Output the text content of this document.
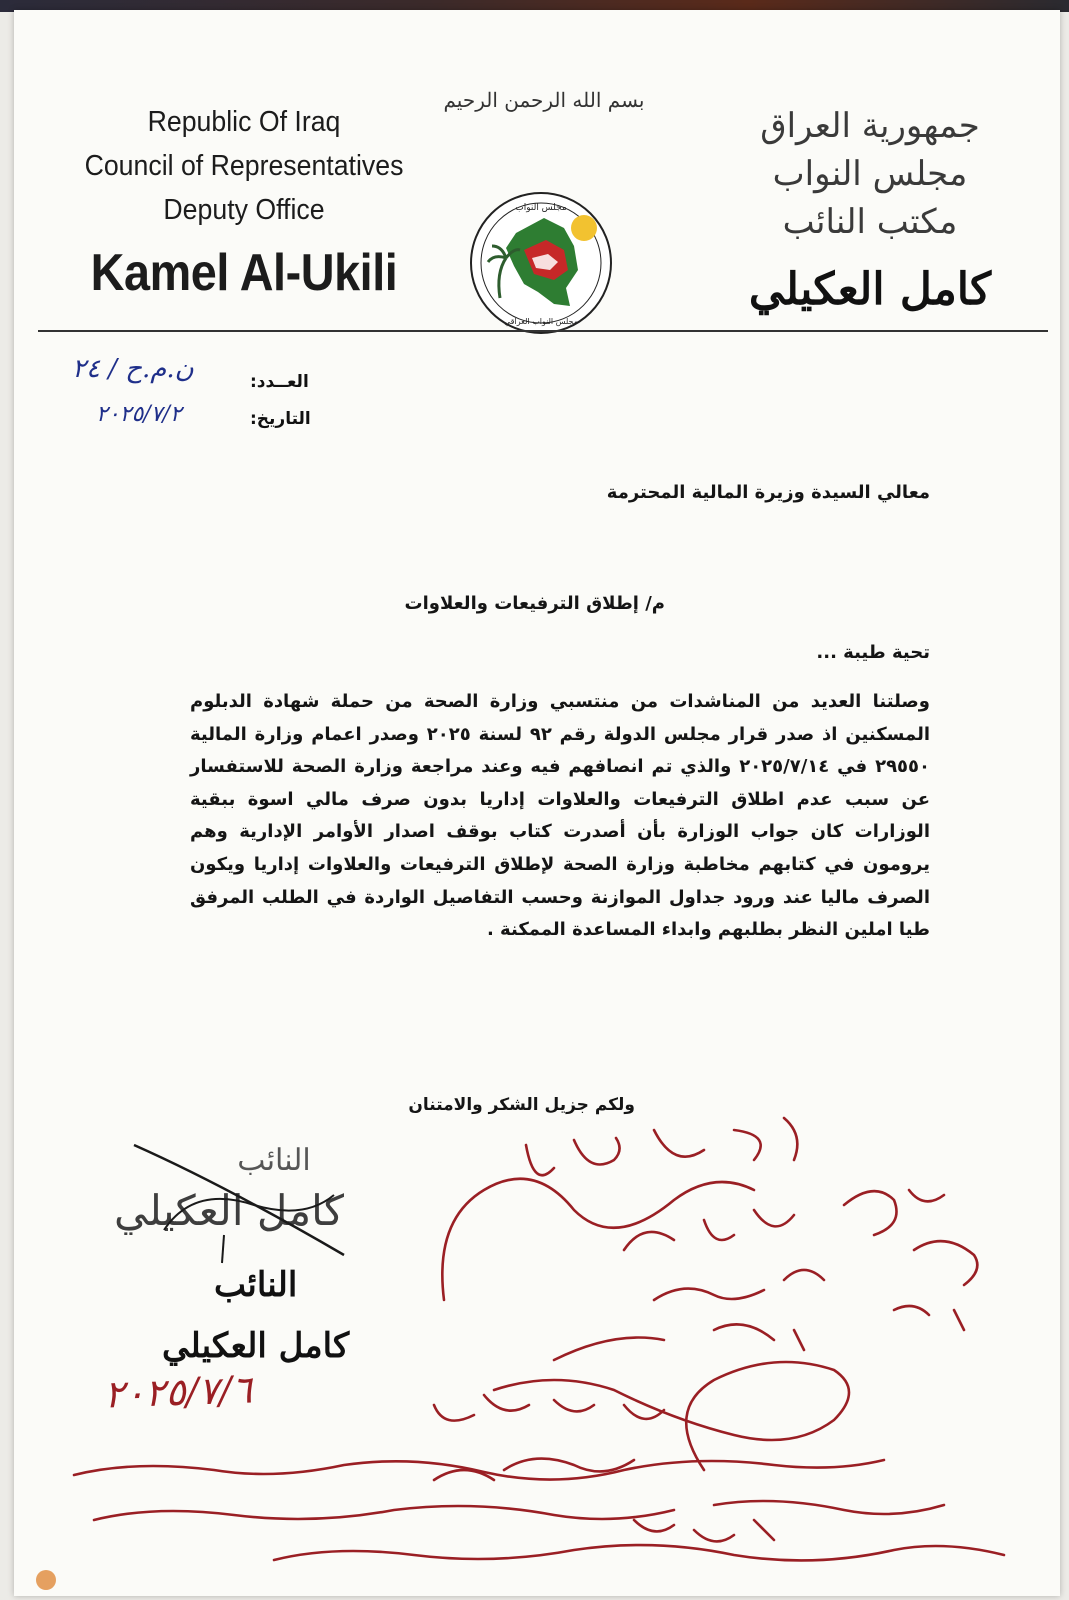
Republic Of Iraq
Council of Representatives
Deputy Office
Kamel Al-Ukili
بسم الله الرحمن الرحيم
مجلس النواب
مجلس النواب العراقي
جمهورية العراق
مجلس النواب
مكتب النائب
كامل العكيلي
العــدد:
ن.م.ح / ٢٤
التاريخ:
٢٠٢٥/٧/٢
معالي السيدة وزيرة المالية المحترمة
م/ إطلاق الترفيعات والعلاوات
تحية طيبة ...
وصلتنا العديد من المناشدات من منتسبي وزارة الصحة من حملة شهادة الدبلوم المسكنين اذ صدر قرار مجلس الدولة رقم ٩٢ لسنة ٢٠٢٥ وصدر اعمام وزارة المالية ٢٩٥٥٠ في ٢٠٢٥/٧/١٤ والذي تم انصافهم فيه وعند مراجعة وزارة الصحة للاستفسار عن سبب عدم اطلاق الترفيعات والعلاوات إداريا بدون صرف مالي اسوة ببقية الوزارات كان جواب الوزارة بأن أصدرت كتاب بوقف اصدار الأوامر الإدارية وهم يرومون في كتابهم مخاطبة وزارة الصحة لإطلاق الترفيعات والعلاوات إداريا ويكون الصرف ماليا عند ورود جداول الموازنة وحسب التفاصيل الواردة في الطلب المرفق طيا املين النظر بطلبهم وابداء المساعدة الممكنة .
ولكم جزيل الشكر والامتنان
النائب
كامل العكيلي
النائب
كامل العكيلي
٢٠٢٥/٧/٦
